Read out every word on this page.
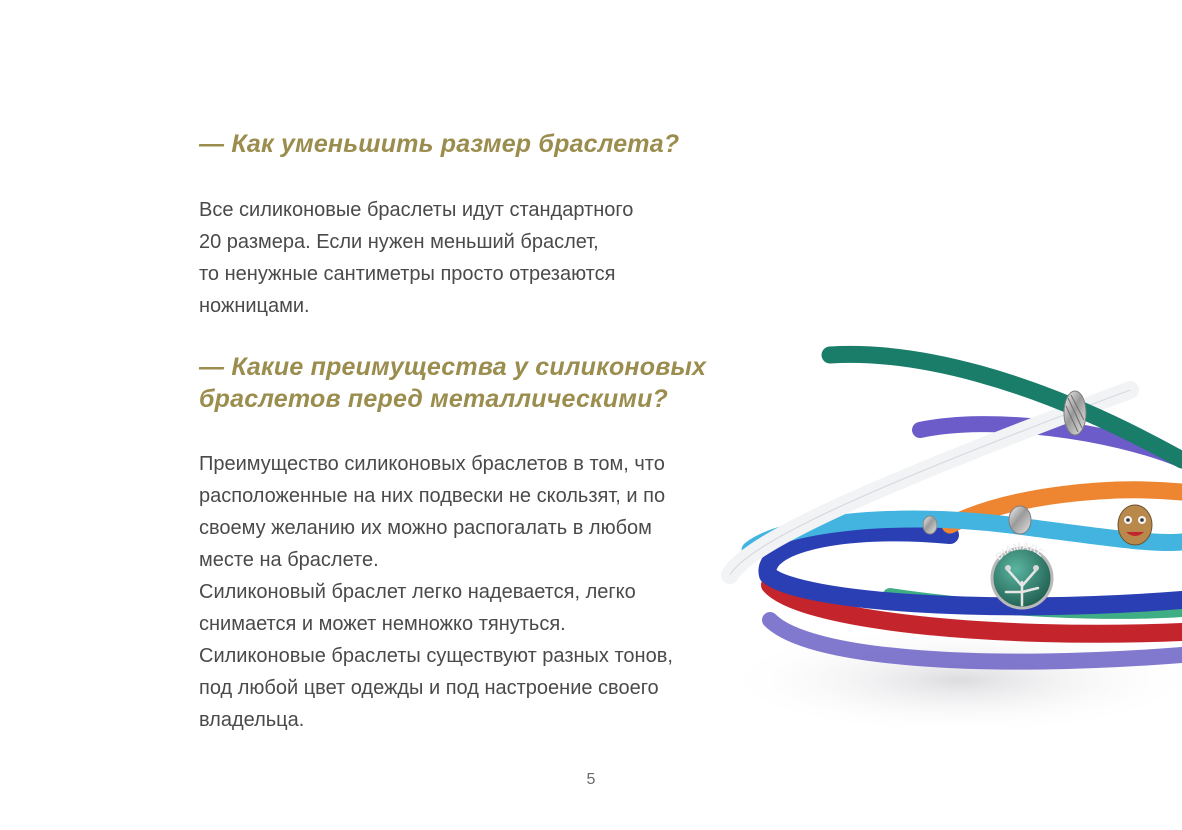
— Как уменьшить размер браслета?

Все силиконовые браслеты идут стандартного
20 размера. Если нужен меньший браслет,
то ненужные сантиметры просто отрезаются
ножницами.

— Какие преимущества у силиконовых
браслетов перед металлическими?

Преимущество силиконовых браслетов в том, что
расположенные на них подвески не скользят, и по
своему желанию их можно распогалать в любом
месте на браслете.
Силиконовый браслет легко надевается, легко
снимается и может немножко тянуться.
Силиконовые браслеты существуют разных тонов,
под любой цвет одежды и под настроение своего
владельца.

DIAMARE
5
